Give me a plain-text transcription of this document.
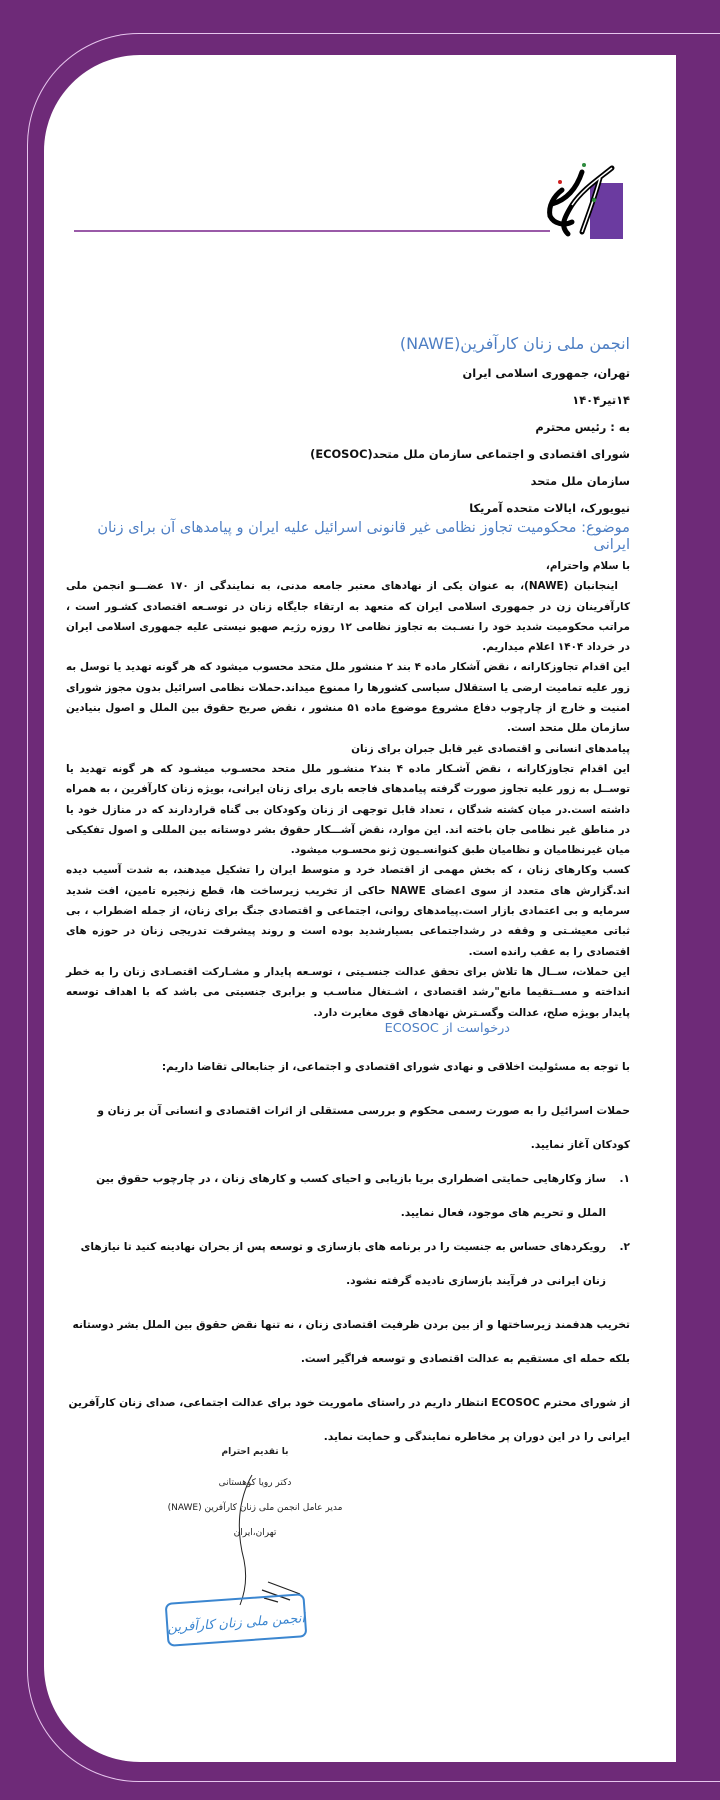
انجمن ملی زنان کارآفرین(NAWE)
تهران، جمهوری اسلامی ایران
۱۴تیر۱۴۰۴
به : رئیس محترم
شورای اقتصادی و اجتماعی سازمان ملل متحد(ECOSOC)
سازمان ملل متحد
نیویورک، ایالات متحده آمریکا
موضوع: محکومیت تجاوز نظامی غیر قانونی اسرائیل علیه ایران و پیامدهای آن برای زنان ایرانی

با سلام واحترام،

اینجانبان (NAWE)، به عنوان یکی از نهادهای معتبر جامعه مدنی، به نمایندگی از ۱۷۰ عضـــو انجمن ملی کارآفرینان زن در جمهوری اسلامی ایران که متعهد به ارتقاء جایگاه زنان در توسـعه اقتصادی کشـور است ، مراتب محکومیت شدید خود را نسـبت به تجاوز نظامی ۱۲ روزه رژیم صهیو نیستی علیه جمهوری اسلامی ایران در خرداد ۱۴۰۴ اعلام میداریم.

این اقدام تجاوزکارانه ، نقض آشکار ماده ۴ بند ۲ منشور ملل متحد محسوب میشود که هر گونه تهدید یا توسل به زور علیه تمامیت ارضی یا استقلال سیاسی کشورها را ممنوع میداند.حملات نظامی اسرائیل بدون مجوز شورای امنیت و خارج از چارچوب دفاع مشروع موضوع ماده ۵۱ منشور ، نقض صریح حقوق بین الملل و اصول بنیادین سازمان ملل متحد است.

پیامدهای انسانی و اقتصادی غیر قابل جبران برای زنان

این اقدام تجاوزکارانه ، نقض آشـکار ماده ۴ بند۲ منشـور ملل متحد محسـوب میشـود که هر گونه تهدید یا توســل به زور علیه تجاوز صورت گرفته پیامدهای فاجعه باری برای زنان ایرانی، بویژه زنان کارآفرین ، به همراه داشته است.در میان کشته شدگان ، تعداد قابل توجهی از زنان وکودکان بی گناه قراردارند که در منازل خود یا در مناطق غیر نظامی جان باخته اند. این موارد، نقض آشـــکار حقوق بشر دوستانه بین المللی و اصول تفکیکی میان غیرنظامیان و نظامیان طبق کنوانسـیون ژنو محسـوب میشود.

کسب وکارهای زنان ، که بخش مهمی از اقتصاد خرد و متوسط ایران را تشکیل میدهند، به شدت آسیب دیده اند.گزارش های متعدد از سوی اعضای NAWE حاکی از تخریب زیرساخت ها، قطع زنجیره تامین، افت شدید سرمایه و بی اعتمادی بازار است.پیامدهای روانی، اجتماعی و اقتصادی جنگ برای زنان، از جمله اضطراب ، بی ثباتی معیشـتی و وقفه در رشداجتماعی بسیارشدید بوده است و روند پیشرفت تدریجی زنان در حوزه های اقتصادی را به عقب رانده است.

این حملات، ســال ها تلاش برای تحقق عدالت جنسـیتی ، توسـعه پایدار و مشـارکت اقتصـادی زنان را به خطر انداخته و مســتقیما مانع"رشد اقتصادی ، اشـتغال مناسـب و برابری جنسیتی می باشد که با اهداف توسعه پایدار بویژه صلح، عدالت وگسـترش نهادهای قوی مغایرت دارد.

درخواست از ECOSOC

با توجه به مسئولیت اخلاقی و نهادی شورای اقتصادی و اجتماعی، از جنابعالی تقاضا داریم:

حملات اسرائیل را به صورت رسمی محکوم و بررسی مستقلی از اثرات اقتصادی و انسانی آن بر زنان و کودکان آغاز نمایید.

۱.
ساز وکارهایی حمایتی اضطراری بریا بازیابی و احیای کسب و کارهای زنان ، در چارچوب حقوق بین الملل و تحریم های موجود، فعال نمایید.

۲.
رویکردهای حساس به جنسیت را در برنامه های بازسازی و توسعه پس از بحران نهادینه کنید تا نیازهای زنان ایرانی در فرآیند بازسازی نادیده گرفته نشود.

تخریب هدفمند زیرساختها و از بین بردن ظرفیت اقتصادی زنان ، نه تنها نقض حقوق بین الملل بشر دوستانه بلکه حمله ای مستقیم به عدالت اقتصادی و توسعه فراگیر است.

از شورای محترم ECOSOC انتظار داریم در راستای ماموریت خود برای عدالت اجتماعی، صدای زنان کارآفرین ایرانی را در این دوران پر مخاطره نمایندگی و حمایت نماید.

با تقدیم احترام
دکتر رویا کوهستانی
مدیر عامل انجمن ملی زنان کارآفرین (NAWE)
تهران،ایران
انجمن ملی زنان کارآفرین
